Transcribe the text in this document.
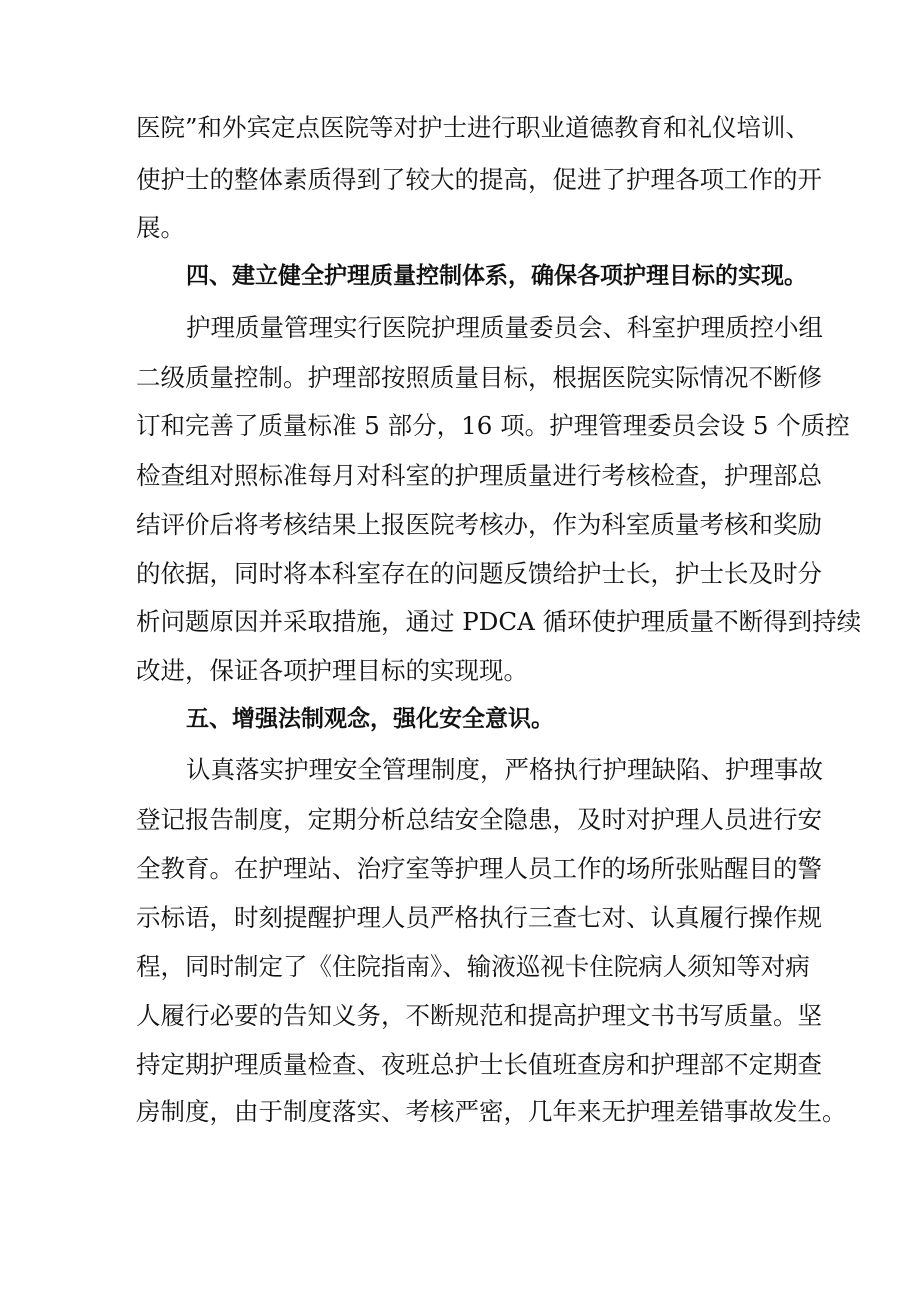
医院”和外宾定点医院等对护士进行职业道德教育和礼仪培训、
使护士的整体素质得到了较大的提高，促进了护理各项工作的开
展。
四、建立健全护理质量控制体系，确保各项护理目标的实现。
护理质量管理实行医院护理质量委员会、科室护理质控小组
二级质量控制。护理部按照质量目标，根据医院实际情况不断修
订和完善了质量标准 5 部分，16 项。护理管理委员会设 5 个质控
检查组对照标准每月对科室的护理质量进行考核检查，护理部总
结评价后将考核结果上报医院考核办，作为科室质量考核和奖励
的依据，同时将本科室存在的问题反馈给护士长，护士长及时分
析问题原因并采取措施，通过 PDCA 循环使护理质量不断得到持续
改进，保证各项护理目标的实现现。
五、增强法制观念，强化安全意识。
认真落实护理安全管理制度，严格执行护理缺陷、护理事故
登记报告制度，定期分析总结安全隐患，及时对护理人员进行安
全教育。在护理站、治疗室等护理人员工作的场所张贴醒目的警
示标语，时刻提醒护理人员严格执行三查七对、认真履行操作规
程，同时制定了《住院指南》、输液巡视卡住院病人须知等对病
人履行必要的告知义务，不断规范和提高护理文书书写质量。坚
持定期护理质量检查、夜班总护士长值班查房和护理部不定期查
房制度，由于制度落实、考核严密，几年来无护理差错事故发生。
